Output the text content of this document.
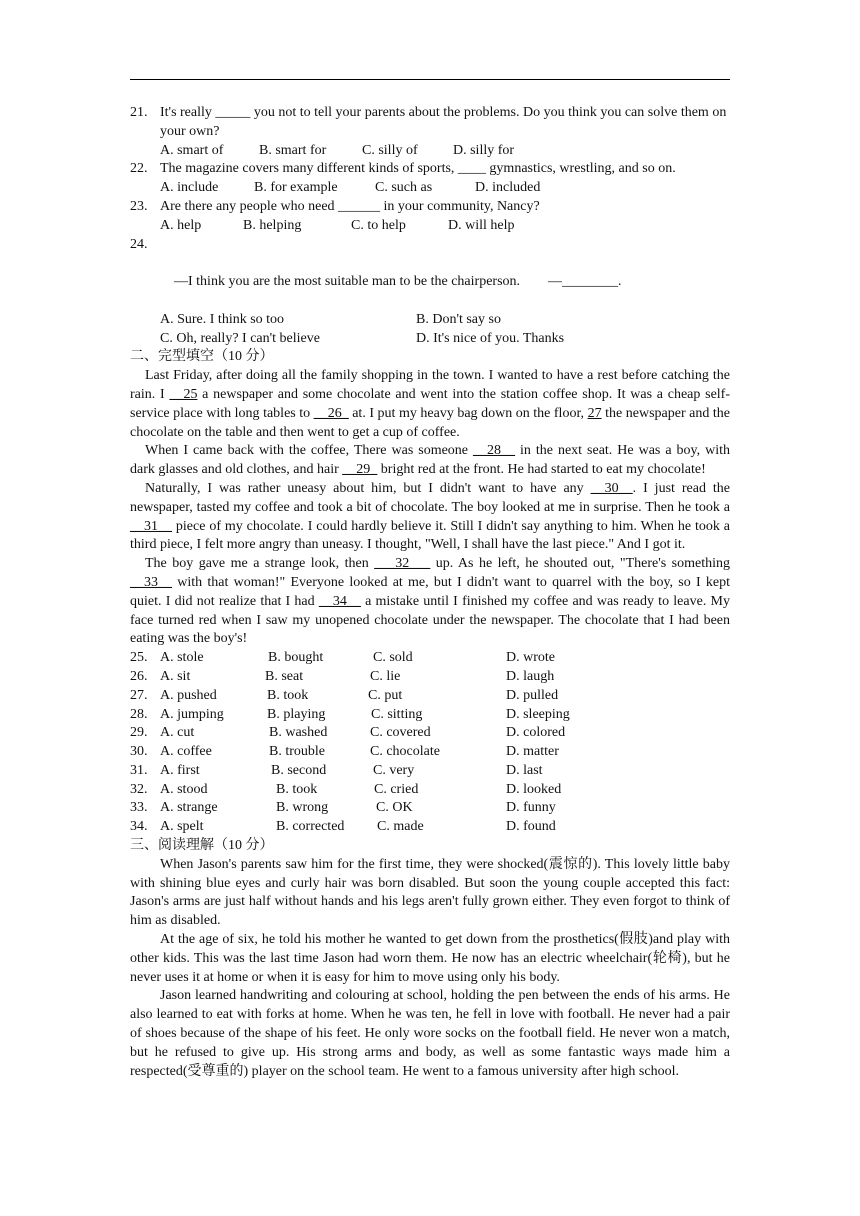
21. It's really _____ you not to tell your parents about the problems. Do you think you can solve them on your own?
A. smart of	B. smart for	C. silly of	D. silly for
22. The magazine covers many different kinds of sports, ____ gymnastics, wrestling, and so on.
A. include	B. for example	C. such as	D. included
23. Are there any people who need ______ in your community, Nancy?
A. help	B. helping	C. to help	D. will help

24.

—I think you are the most suitable man to be the chairperson.        —________.

A. Sure. I think so too	B. Don't say so
C. Oh, really? I can't believe	D. It's nice of you. Thanks
二、完型填空（10 分）
Last Friday, after doing all the family shopping in the town. I wanted to have a rest before catching the rain. I __25 a newspaper and some chocolate and went into the station coffee shop. It was a cheap self-service place with long tables to __26_ at. I put my heavy bag down on the floor, 27 the newspaper and the chocolate on the table and then went to get a cup of coffee.
When I came back with the coffee, There was someone __28__ in the next seat. He was a boy, with dark glasses and old clothes, and hair __29_ bright red at the front. He had started to eat my chocolate!
Naturally, I was rather uneasy about him, but I didn't want to have any __30__. I just read the newspaper, tasted my coffee and took a bit of chocolate. The boy looked at me in surprise. Then he took a __31__ piece of my chocolate. I could hardly believe it. Still I didn't say anything to him. When he took a third piece, I felt more angry than uneasy. I thought, "Well, I shall have the last piece." And I got it.
The boy gave me a strange look, then ___32___ up. As he left, he shouted out, "There's something __33__ with that woman!" Everyone looked at me, but I didn't want to quarrel with the boy, so I kept quiet. I did not realize that I had __34__ a mistake until I finished my coffee and was ready to leave. My face turned red when I saw my unopened chocolate under the newspaper. The chocolate that I had been eating was the boy's!
25. A. stole	B. bought	C. sold	D. wrote
26. A. sit	B. seat	C. lie	D. laugh
27. A. pushed	B. took	C. put	D. pulled
28. A. jumping	B. playing	C. sitting	D. sleeping
29. A. cut	B. washed	C. covered	D. colored
30. A. coffee	B. trouble	C. chocolate	D. matter
31. A. first	B. second	C. very	D. last
32. A. stood	B. took	C. cried	D. looked
33. A. strange	B. wrong	C. OK	D. funny
34. A. spelt	B. corrected C. made	D. found
三、阅读理解（10 分）
When Jason's parents saw him for the first time, they were shocked(震惊的). This lovely little baby with shining blue eyes and curly hair was born disabled. But soon the young couple accepted this fact: Jason's arms are just half without hands and his legs aren't fully grown either. They even forgot to think of him as disabled.
At the age of six, he told his mother he wanted to get down from the prosthetics(假肢)and play with other kids. This was the last time Jason had worn them. He now has an electric wheelchair(轮椅), but he never uses it at home or when it is easy for him to move using only his body.
Jason learned handwriting and colouring at school, holding the pen between the ends of his arms. He also learned to eat with forks at home. When he was ten, he fell in love with football. He never had a pair of shoes because of the shape of his feet. He only wore socks on the football field. He never won a match, but he refused to give up. His strong arms and body, as well as some fantastic ways made him a respected(受尊重的) player on the school team. He went to a famous university after high school.
